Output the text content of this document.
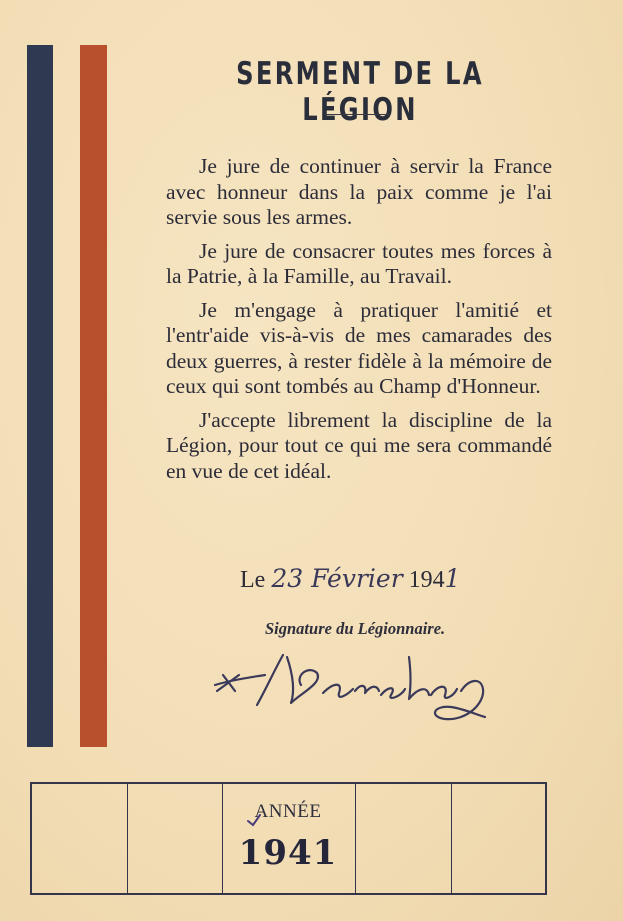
SERMENT DE LA LÉGION

Je jure de continuer à servir la France avec honneur dans la paix comme je l'ai servie sous les armes.

Je jure de consacrer toutes mes forces à la Patrie, à la Famille, au Travail.

Je m'engage à pratiquer l'amitié et l'entr'aide vis-à-vis de mes camarades des deux guerres, à rester fidèle à la mémoire de ceux qui sont tombés au Champ d'Honneur.

J'accepte librement la discipline de la Légion, pour tout ce qui me sera commandé en vue de cet idéal.

Le 23 Février 1941
Signature du Légionnaire.
ANNÉE
1941
